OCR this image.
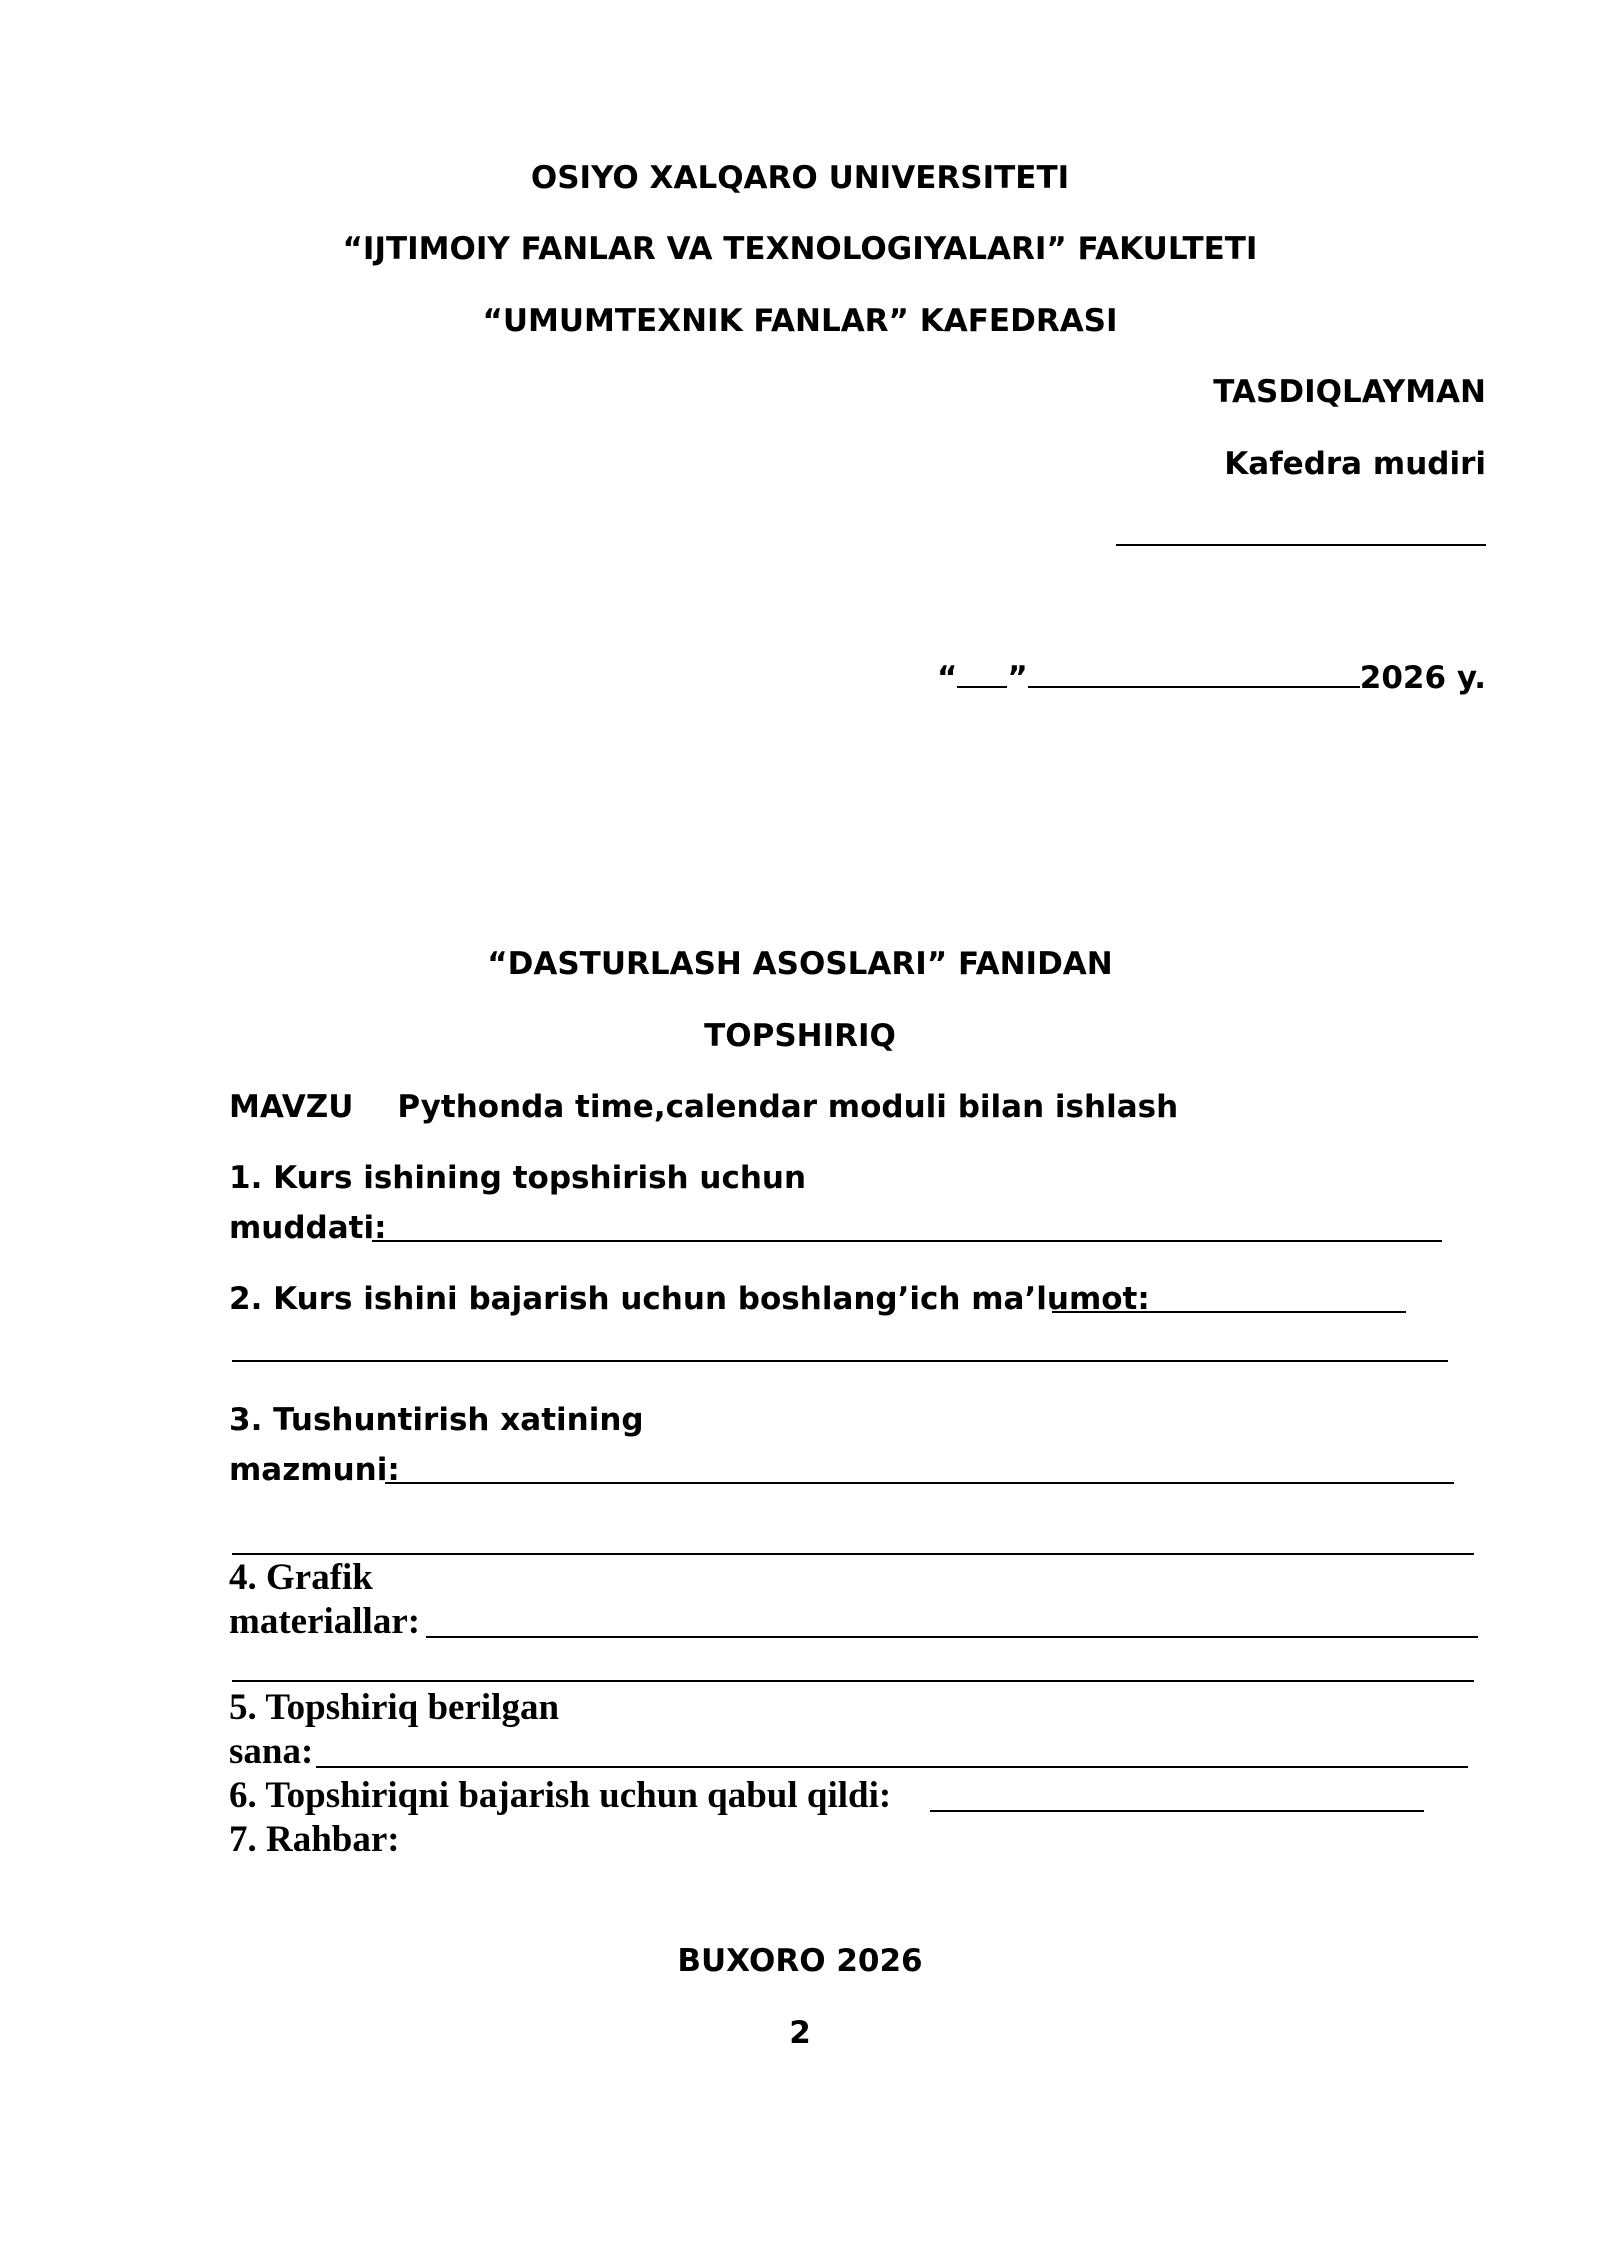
OSIYO XALQARO UNIVERSITETI
“IJTIMOIY FANLAR VA TEXNOLOGIYALARI” FAKULTETI
“UMUMTEXNIK FANLAR” KAFEDRASI
TASDIQLAYMAN
Kafedra mudiri
“ ”	2026 y.
“DASTURLASH ASOSLARI” FANIDAN
TOPSHIRIQ
MAVZU Pythonda time,calendar moduli bilan ishlash
1. Kurs ishining topshirish uchun
muddati:
2. Kurs ishini bajarish uchun boshlang’ich ma’lumot:
3. Tushuntirish xatining
mazmuni:
4. Grafik
materiallar:
5. Topshiriq berilgan
sana:
6. Topshiriqni bajarish uchun qabul qildi:
7. Rahbar:
BUXORO 2026
2
